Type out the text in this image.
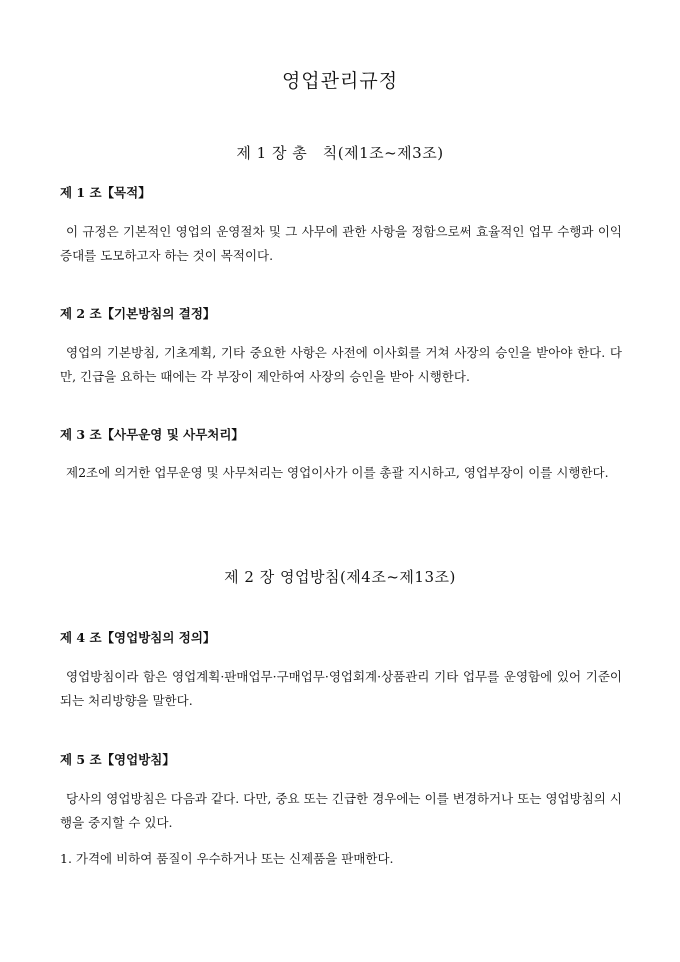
영업관리규정
제 1 장 총　칙(제1조~제3조)
제 1 조【목적】
이 규정은 기본적인 영업의 운영절차 및 그 사무에 관한 사항을 정함으로써 효율적인 업무 수행과 이익 증대를 도모하고자 하는 것이 목적이다.
제 2 조【기본방침의 결정】
영업의 기본방침, 기초계획, 기타 중요한 사항은 사전에 이사회를 거쳐 사장의 승인을 받아야 한다. 다만, 긴급을 요하는 때에는 각 부장이 제안하여 사장의 승인을 받아 시행한다.
제 3 조【사무운영 및 사무처리】
제2조에 의거한 업무운영 및 사무처리는 영업이사가 이를 총괄 지시하고, 영업부장이 이를 시행한다.
제 2 장 영업방침(제4조~제13조)
제 4 조【영업방침의 정의】
영업방침이라 함은 영업계획·판매업무·구매업무·영업회계·상품관리 기타 업무를 운영함에 있어 기준이 되는 처리방향을 말한다.
제 5 조【영업방침】
당사의 영업방침은 다음과 같다. 다만, 중요 또는 긴급한 경우에는 이를 변경하거나 또는 영업방침의 시행을 중지할 수 있다.
1. 가격에 비하여 품질이 우수하거나 또는 신제품을 판매한다.
